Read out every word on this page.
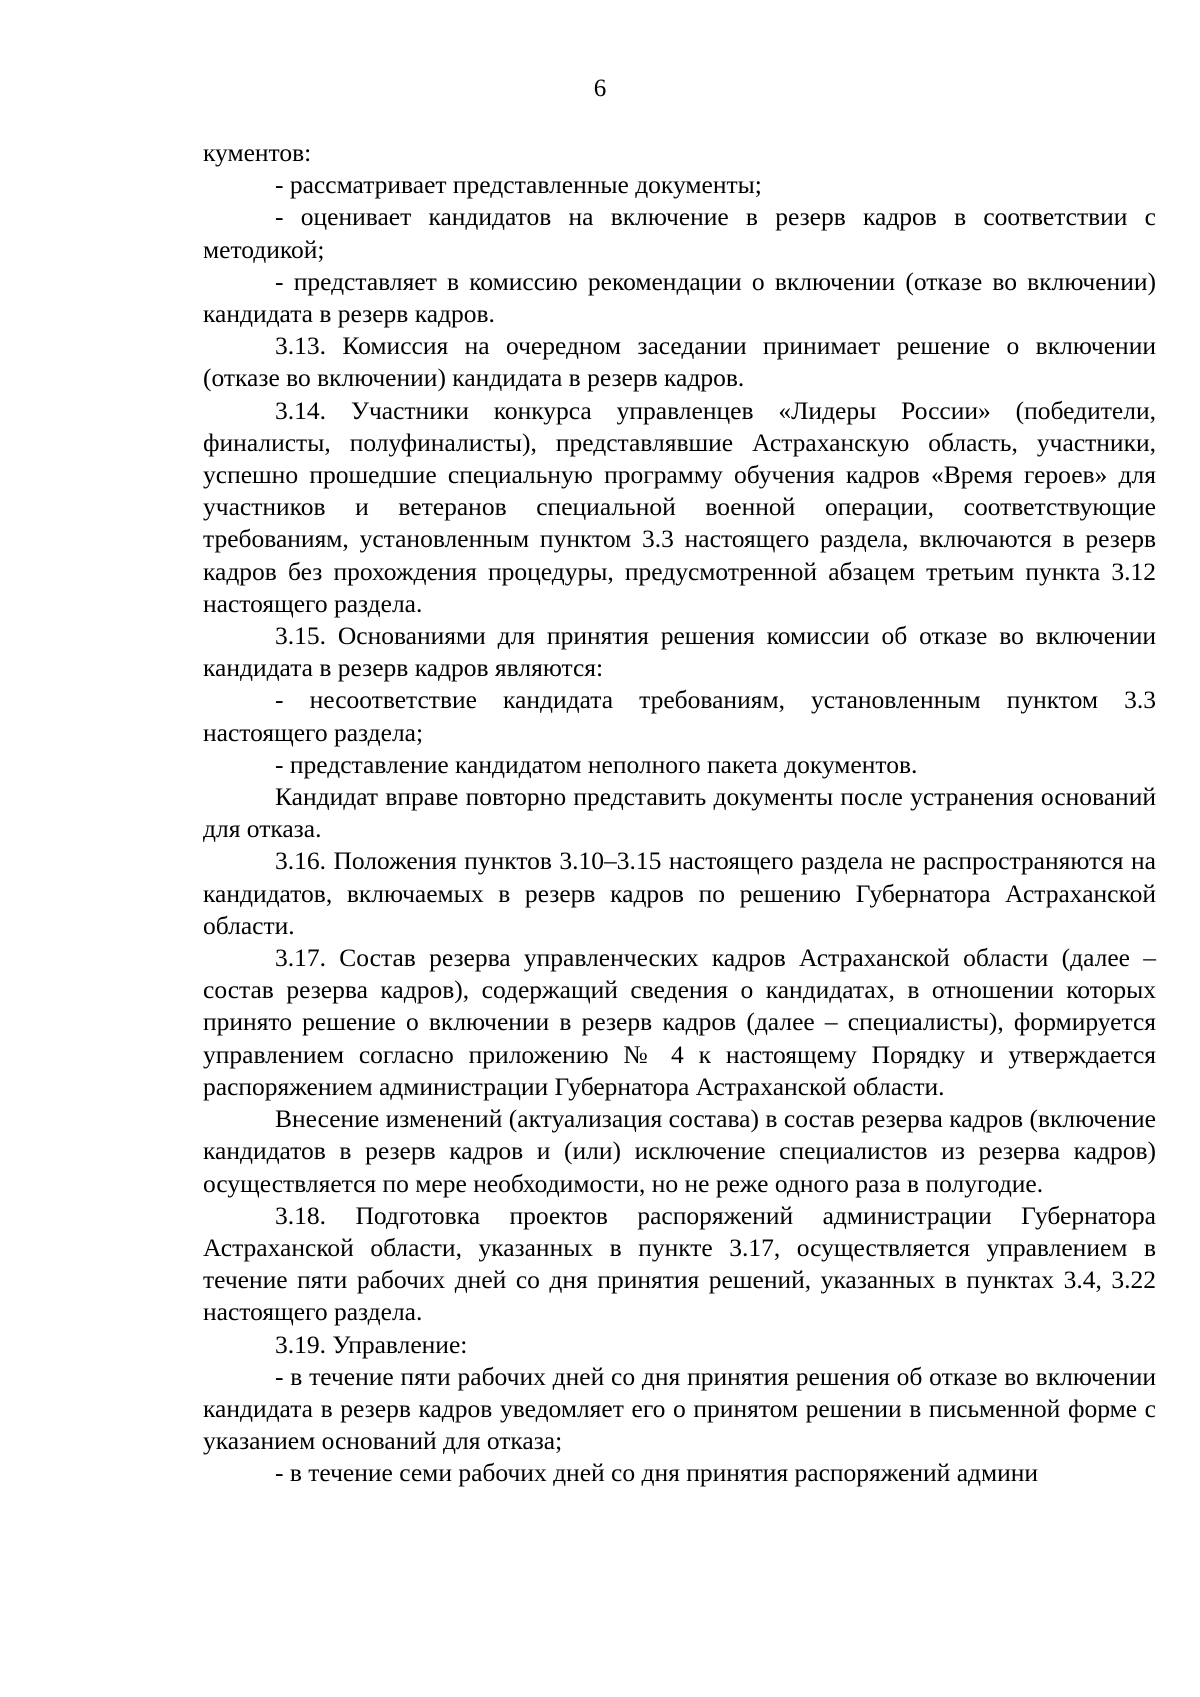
6

кументов:

- рассматривает представленные документы;

- оценивает кандидатов на включение в резерв кадров в соответствии с методикой;

- представляет в комиссию рекомендации о включении (отказе во включении) кандидата в резерв кадров.

3.13. Комиссия на очередном заседании принимает решение о включении (отказе во включении) кандидата в резерв кадров.

3.14. Участники конкурса управленцев «Лидеры России» (победители, финалисты, полуфиналисты), представлявшие Астраханскую область, участники, успешно прошедшие специальную программу обучения кадров «Время героев» для участников и ветеранов специальной военной операции, соответствующие требованиям, установленным пунктом 3.3 настоящего раздела, включаются в резерв кадров без прохождения процедуры, предусмотренной абзацем третьим пункта 3.12 настоящего раздела.

3.15. Основаниями для принятия решения комиссии об отказе во включении кандидата в резерв кадров являются:

- несоответствие кандидата требованиям, установленным пунктом 3.3 настоящего раздела;

- представление кандидатом неполного пакета документов.

Кандидат вправе повторно представить документы после устранения оснований для отказа.

3.16. Положения пунктов 3.10–3.15 настоящего раздела не распространяются на кандидатов, включаемых в резерв кадров по решению Губернатора Астраханской области.

3.17. Состав резерва управленческих кадров Астраханской области (далее – состав резерва кадров), содержащий сведения о кандидатах, в отношении которых принято решение о включении в резерв кадров (далее – специалисты), формируется управлением согласно приложению № 4 к настоящему Порядку и утверждается распоряжением администрации Губернатора Астраханской области.

Внесение изменений (актуализация состава) в состав резерва кадров (включение кандидатов в резерв кадров и (или) исключение специалистов из резерва кадров) осуществляется по мере необходимости, но не реже одного раза в полугодие.

3.18. Подготовка проектов распоряжений администрации Губернатора Астраханской области, указанных в пункте 3.17, осуществляется управлением в течение пяти рабочих дней со дня принятия решений, указанных в пунктах 3.4, 3.22 настоящего раздела.

3.19. Управление:

- в течение пяти рабочих дней со дня принятия решения об отказе во включении кандидата в резерв кадров уведомляет его о принятом решении в письменной форме с указанием оснований для отказа;

- в течение семи рабочих дней со дня принятия распоряжений админи
